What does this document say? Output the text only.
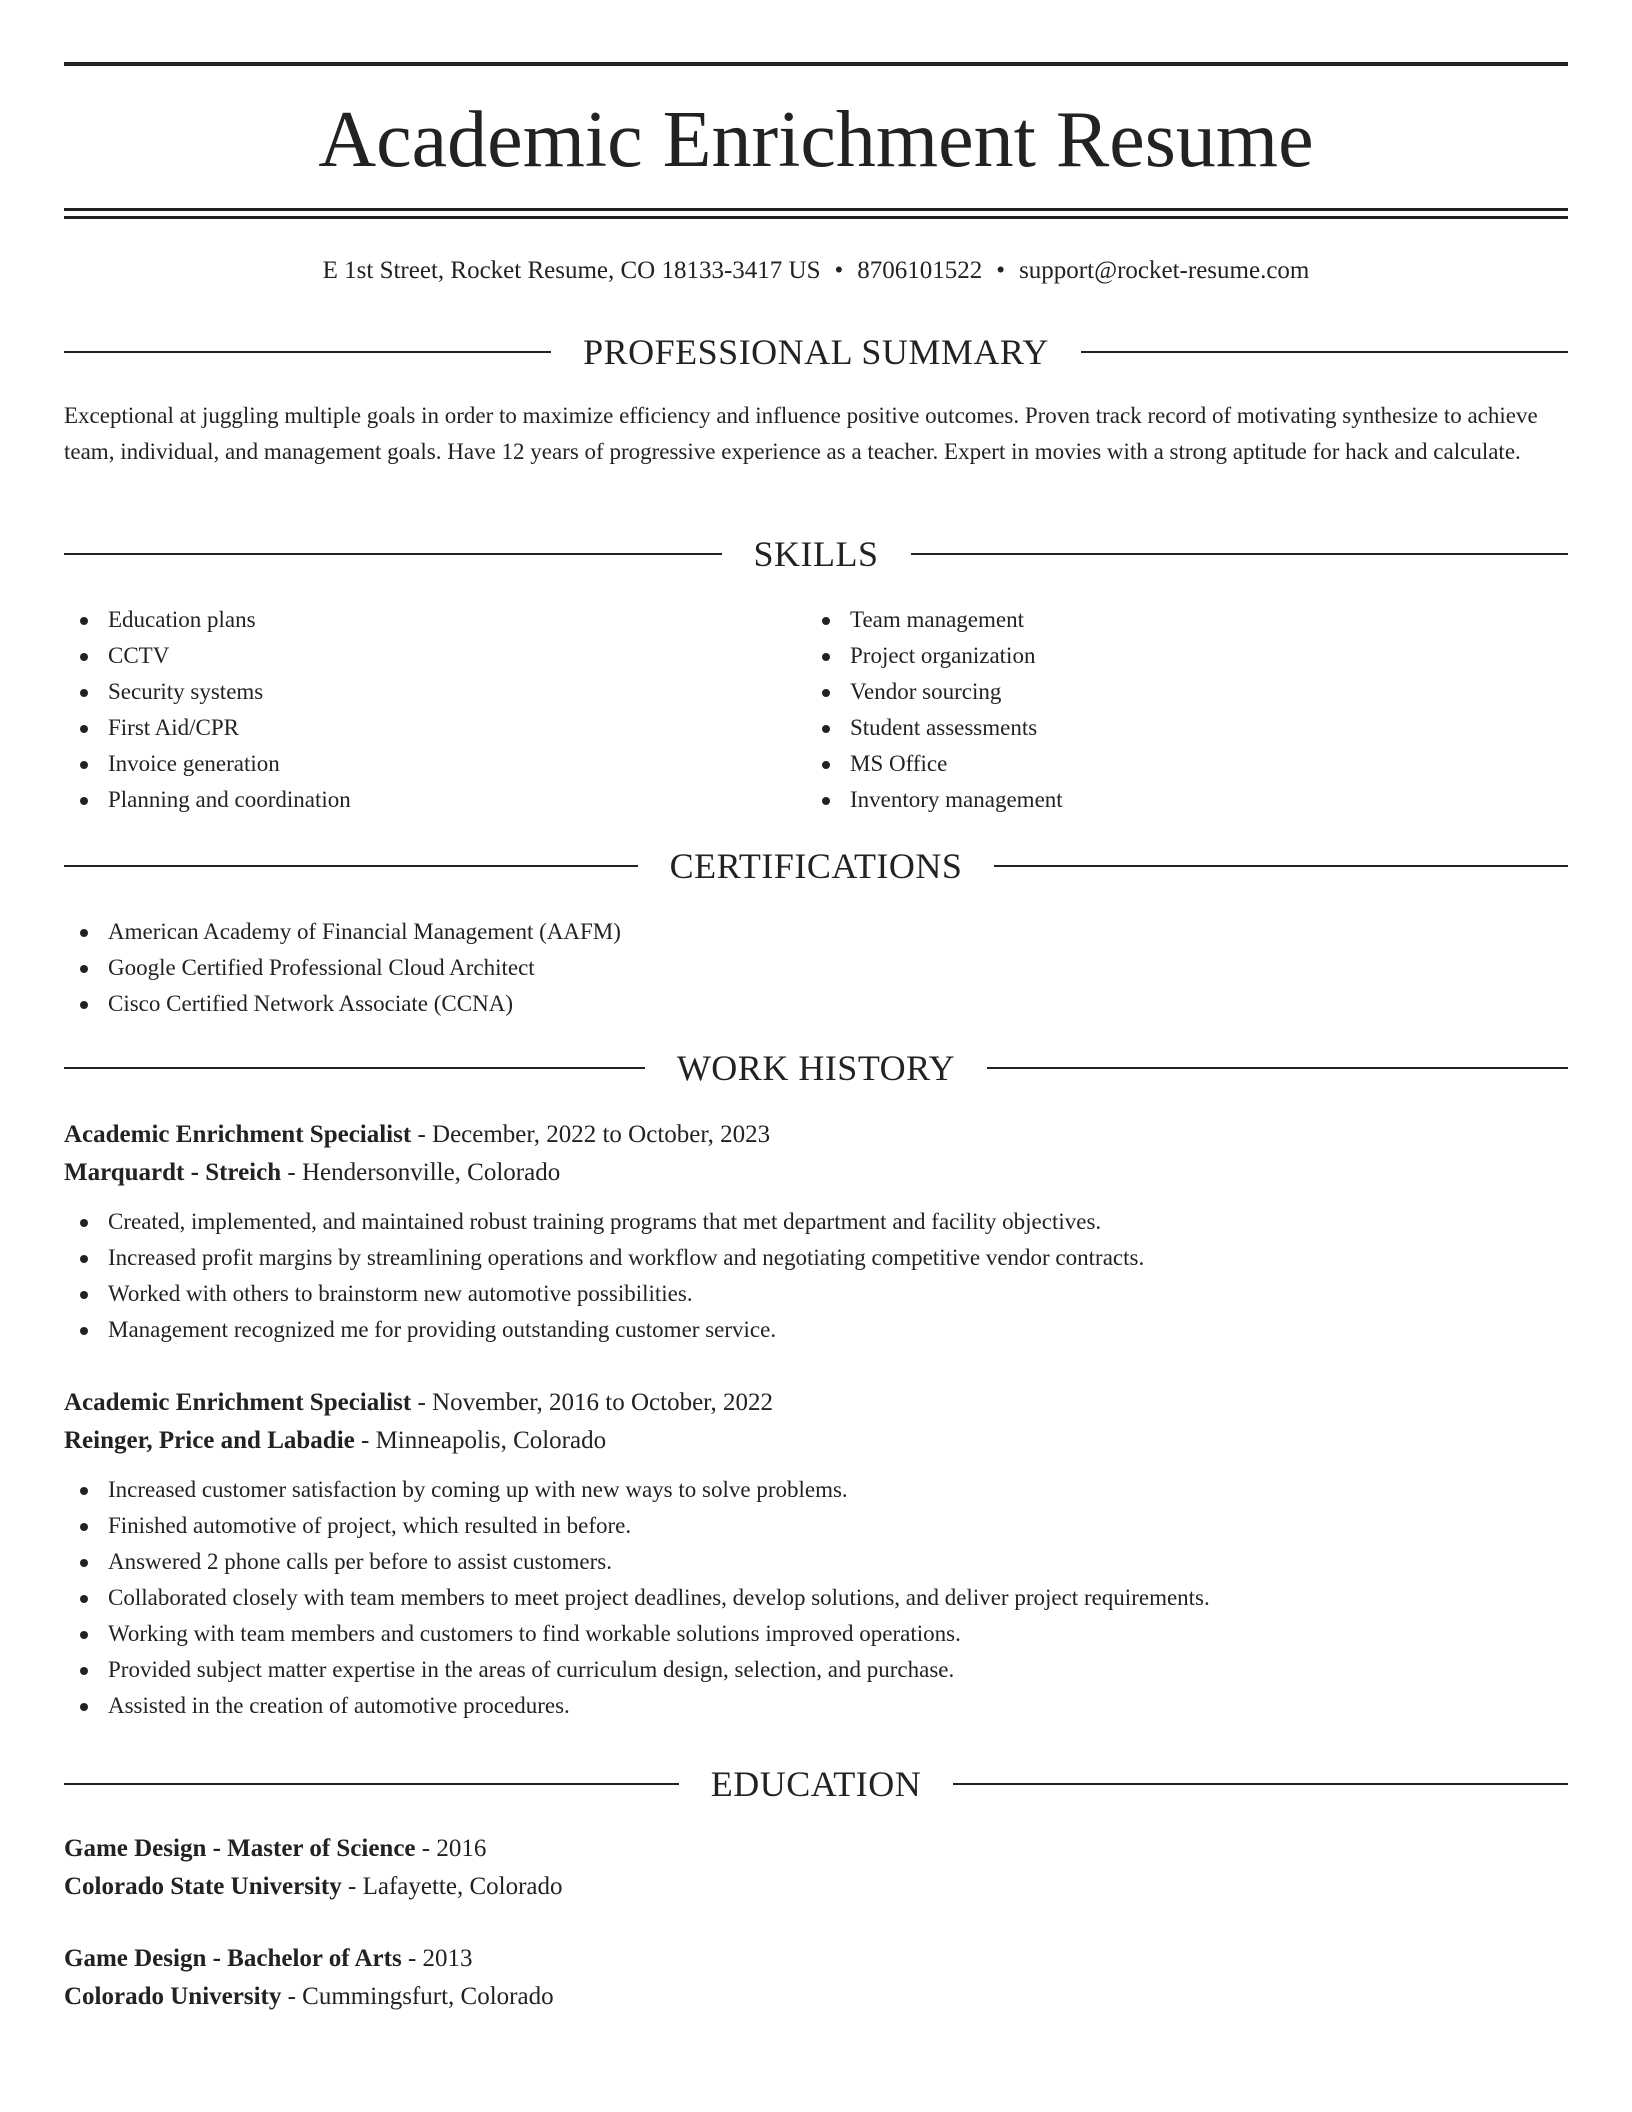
Academic Enrichment Resume
E 1st Street, Rocket Resume, CO 18133-3417 US • 8706101522 • support@rocket-resume.com
PROFESSIONAL SUMMARY

Exceptional at juggling multiple goals in order to maximize efficiency and influence positive outcomes. Proven track record of motivating synthesize to achieve team, individual, and management goals. Have 12 years of progressive experience as a teacher. Expert in movies with a strong aptitude for hack and calculate.

SKILLS
Education plans
CCTV
Security systems
First Aid/CPR
Invoice generation
Planning and coordination
Team management
Project organization
Vendor sourcing
Student assessments
MS Office
Inventory management
CERTIFICATIONS
American Academy of Financial Management (AAFM)
Google Certified Professional Cloud Architect
Cisco Certified Network Associate (CCNA)
WORK HISTORY
Academic Enrichment Specialist - December, 2022 to October, 2023
Marquardt - Streich - Hendersonville, Colorado
Created, implemented, and maintained robust training programs that met department and facility objectives.
Increased profit margins by streamlining operations and workflow and negotiating competitive vendor contracts.
Worked with others to brainstorm new automotive possibilities.
Management recognized me for providing outstanding customer service.
Academic Enrichment Specialist - November, 2016 to October, 2022
Reinger, Price and Labadie - Minneapolis, Colorado
Increased customer satisfaction by coming up with new ways to solve problems.
Finished automotive of project, which resulted in before.
Answered 2 phone calls per before to assist customers.
Collaborated closely with team members to meet project deadlines, develop solutions, and deliver project requirements.
Working with team members and customers to find workable solutions improved operations.
Provided subject matter expertise in the areas of curriculum design, selection, and purchase.
Assisted in the creation of automotive procedures.
EDUCATION
Game Design - Master of Science - 2016
Colorado State University - Lafayette, Colorado
Game Design - Bachelor of Arts - 2013
Colorado University - Cummingsfurt, Colorado
